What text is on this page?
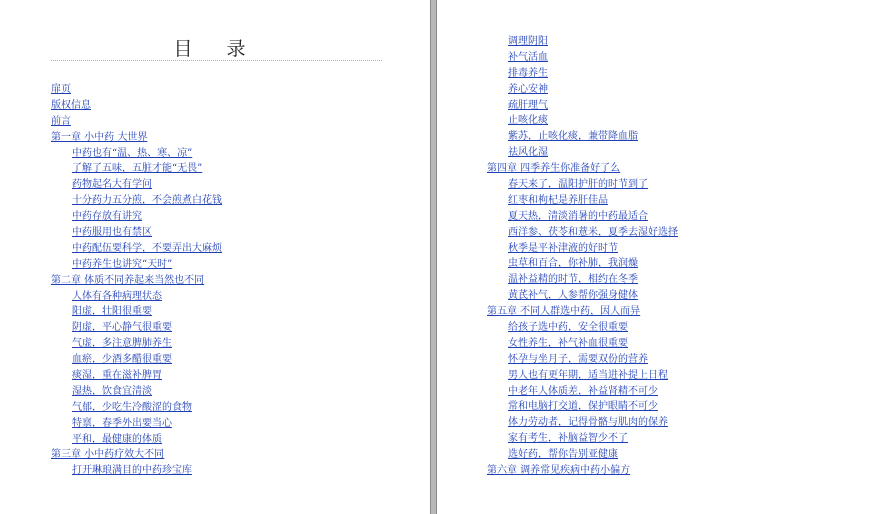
目 录
扉页
版权信息
前言
第一章 小中药 大世界
中药也有“温、热、寒、凉”
了解了五味，五脏才能“无畏”
药物起名大有学问
十分药力五分煎，不会煎煮白花钱
中药存放有讲究
中药服用也有禁区
中药配伍要科学，不要弄出大麻烦
中药养生也讲究“天时”
第二章 体质不同养起来当然也不同
人体有各种病理状态
阳虚，壮阳很重要
阴虚，平心静气很重要
气虚，多注意脾肺养生
血瘀，少酒多醋很重要
痰湿，重在滋补脾胃
湿热，饮食宜清淡
气郁，少吃生冷酸涩的食物
特禀，春季外出要当心
平和，最健康的体质
第三章 小中药疗效大不同
打开琳琅满目的中药珍宝库
调理阴阳
补气活血
排毒养生
养心安神
疏肝理气
止咳化痰
紫苏，止咳化痰，兼带降血脂
祛风化湿
第四章 四季养生你准备好了么
春天来了，温阳护肝的时节到了
红枣和枸杞是养肝佳品
夏天热，清淡消暑的中药最适合
西洋参、茯苓和薏米，夏季去湿好选择
秋季是平补津液的好时节
虫草和百合，你补肺，我润燥
温补益精的时节，相约在冬季
黄芪补气，人参帮你强身健体
第五章 不同人群选中药，因人而异
给孩子选中药，安全很重要
女性养生，补气补血很重要
怀孕与坐月子，需要双份的营养
男人也有更年期，适当进补提上日程
中老年人体质差，补益肾精不可少
常和电脑打交道，保护眼睛不可少
体力劳动者，记得骨骼与肌肉的保养
家有考生，补脑益智少不了
选好药，帮你告别亚健康
第六章 调养常见疾病中药小偏方
